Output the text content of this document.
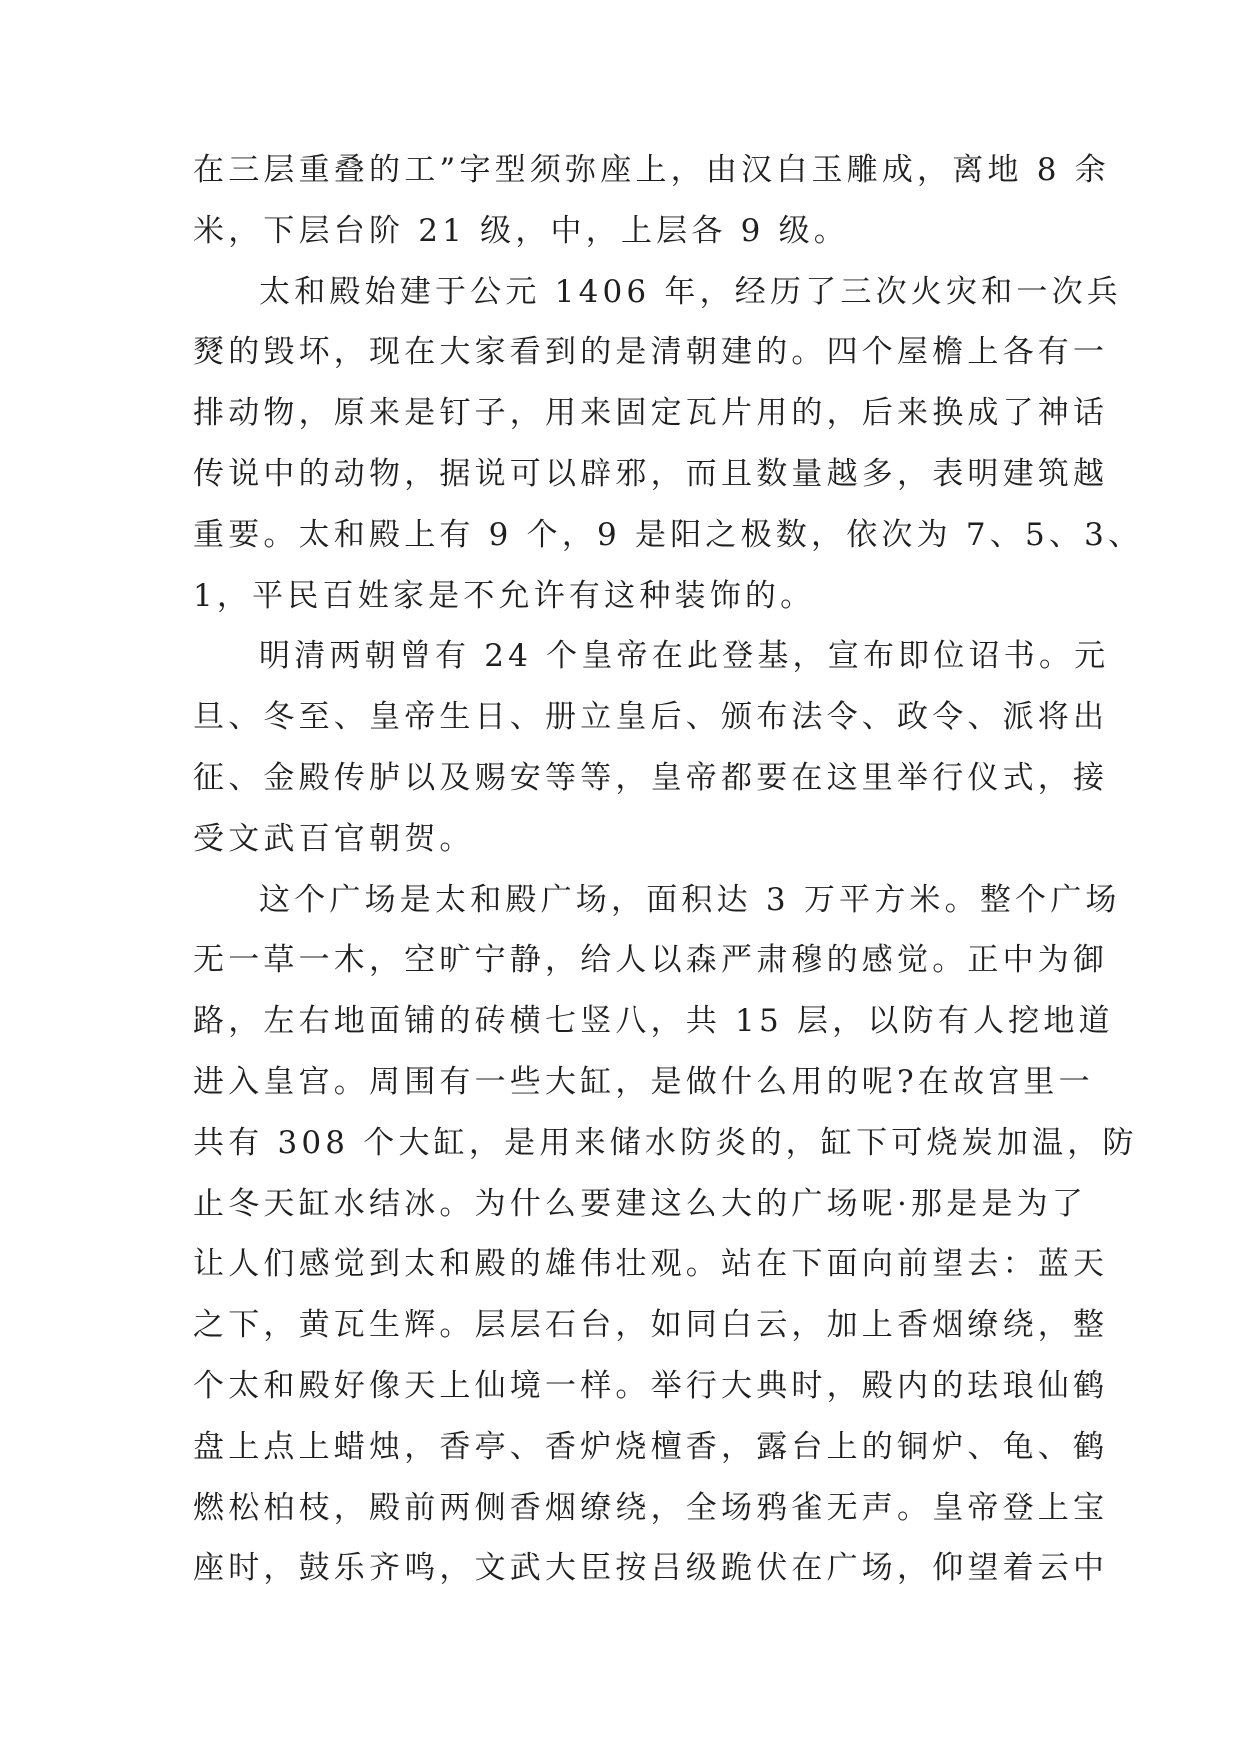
在三层重叠的工”字型须弥座上，由汉白玉雕成，离地 8 余
米，下层台阶 21 级，中，上层各 9 级。
太和殿始建于公元 1406 年，经历了三次火灾和一次兵
燹的毁坏，现在大家看到的是清朝建的。四个屋檐上各有一
排动物，原来是钉子，用来固定瓦片用的，后来换成了神话
传说中的动物，据说可以辟邪，而且数量越多，表明建筑越
重要。太和殿上有 9 个，9 是阳之极数，依次为 7、5、3、
1，平民百姓家是不允许有这种装饰的。
明清两朝曾有 24 个皇帝在此登基，宣布即位诏书。元
旦、冬至、皇帝生日、册立皇后、颁布法令、政令、派将出
征、金殿传胪以及赐安等等，皇帝都要在这里举行仪式，接
受文武百官朝贺。
这个广场是太和殿广场，面积达 3 万平方米。整个广场
无一草一木，空旷宁静，给人以森严肃穆的感觉。正中为御
路，左右地面铺的砖横七竖八，共 15 层，以防有人挖地道
进入皇宫。周围有一些大缸，是做什么用的呢?在故宫里一
共有 308 个大缸，是用来储水防炎的，缸下可烧炭加温，防
止冬天缸水结冰。为什么要建这么大的广场呢·那是是为了
让人们感觉到太和殿的雄伟壮观。站在下面向前望去：蓝天
之下，黄瓦生辉。层层石台，如同白云，加上香烟缭绕，整
个太和殿好像天上仙境一样。举行大典时，殿内的珐琅仙鹤
盘上点上蜡烛，香亭、香炉烧檀香，露台上的铜炉、龟、鹤
燃松柏枝，殿前两侧香烟缭绕，全场鸦雀无声。皇帝登上宝
座时，鼓乐齐鸣，文武大臣按吕级跪伏在广场，仰望着云中
